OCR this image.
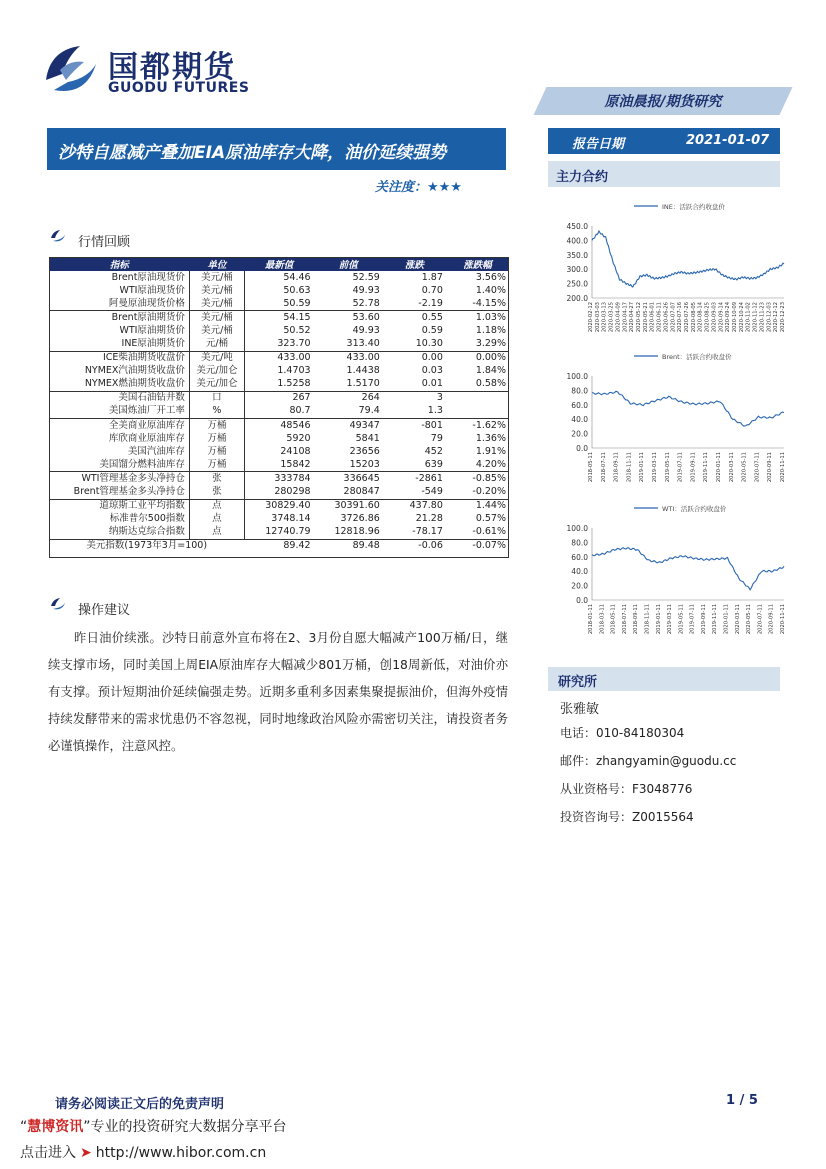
国都期货
GUODU FUTURES
原油晨报/期货研究
沙特自愿减产叠加EIA原油库存大降，油价延续强势
关注度：★★★
报告日期	2021-01-07
主力合约
行情回顾
指标	单位	最新值	前值	涨跌	涨跌幅
Brent原油现货价	美元/桶	54.46	52.59	1.87	3.56%
WTI原油现货价	美元/桶	50.63	49.93	0.70	1.40%
阿曼原油现货价格	美元/桶	50.59	52.78	-2.19	-4.15%
Brent原油期货价	美元/桶	54.15	53.60	0.55	1.03%
WTI原油期货价	美元/桶	50.52	49.93	0.59	1.18%
INE原油期货价	元/桶	323.70	313.40	10.30	3.29%
ICE柴油期货收盘价	美元/吨	433.00	433.00	0.00	0.00%
NYMEX汽油期货收盘价	美元/加仑	1.4703	1.4438	0.03	1.84%
NYMEX燃油期货收盘价	美元/加仑	1.5258	1.5170	0.01	0.58%
美国石油钻井数	口	267	264	3	
美国炼油厂开工率	%	80.7	79.4	1.3	
全美商业原油库存	万桶	48546	49347	-801	-1.62%
库欣商业原油库存	万桶	5920	5841	79	1.36%
美国汽油库存	万桶	24108	23656	452	1.91%
美国馏分燃料油库存	万桶	15842	15203	639	4.20%
WTI管理基金多头净持仓	张	333784	336645	-2861	-0.85%
Brent管理基金多头净持仓	张	280298	280847	-549	-0.20%
道琼斯工业平均指数	点	30829.40	30391.60	437.80	1.44%
标准普尔500指数	点	3748.14	3726.86	21.28	0.57%
纳斯达克综合指数	点	12740.79	12818.96	-78.17	-0.61%
美元指数(1973年3月=100)		89.42	89.48	-0.06	-0.07%
操作建议
昨日油价续涨。沙特日前意外宣布将在2、3月份自愿大幅减产100万桶/日，继续支撑市场，同时美国上周EIA原油库存大幅减少801万桶，创18周新低，对油价亦有支撑。预计短期油价延续偏强走势。近期多重利多因素集聚提振油价，但海外疫情持续发酵带来的需求忧患仍不容忽视，同时地缘政治风险亦需密切关注，请投资者务必谨慎操作，注意风控。
INE：活跃合约收盘价
450.0
400.0
350.0
300.0
250.0
200.0
2020-02-12 2020-03-03 2020-03-13 2020-03-25 2020-04-09 2020-04-17 2020-04-27 2020-05-12 2020-05-21 2020-06-01 2020-06-11 2020-06-26 2020-07-07 2020-07-16 2020-07-26 2020-08-05 2020-08-14 2020-08-25 2020-09-03 2020-09-14 2020-09-24 2020-10-09 2020-10-24 2020-11-02 2020-11-12 2020-11-23 2020-12-03 2020-12-12 2020-12-23
Brent：活跃合约收盘价
100.0
80.0
60.0
40.0
20.0
0.0
2018-05-11 2018-07-11 2018-09-11 2018-11-11 2019-01-11 2019-03-11 2019-05-11 2019-07-11 2019-09-11 2019-11-11 2020-01-11 2020-03-11 2020-05-11 2020-07-11 2020-09-11 2020-11-11
WTI：活跃合约收盘价
100.0
80.0
60.0
40.0
20.0
0.0
2018-01-11 2018-03-11 2018-05-11 2018-07-11 2018-09-11 2018-11-11 2019-01-11 2019-03-11 2019-05-11 2019-07-11 2019-09-11 2019-11-11 2020-01-11 2020-03-11 2020-05-11 2020-07-11 2020-09-11 2020-11-11
研究所
张雅敏
电话：010-84180304
邮件：zhangyamin@guodu.cc
从业资格号：F3048776
投资咨询号：Z0015564
请务必阅读正文后的免责声明	1 / 5
“慧博资讯”专业的投资研究大数据分享平台
点击进入 ➤ http://www.hibor.com.cn
